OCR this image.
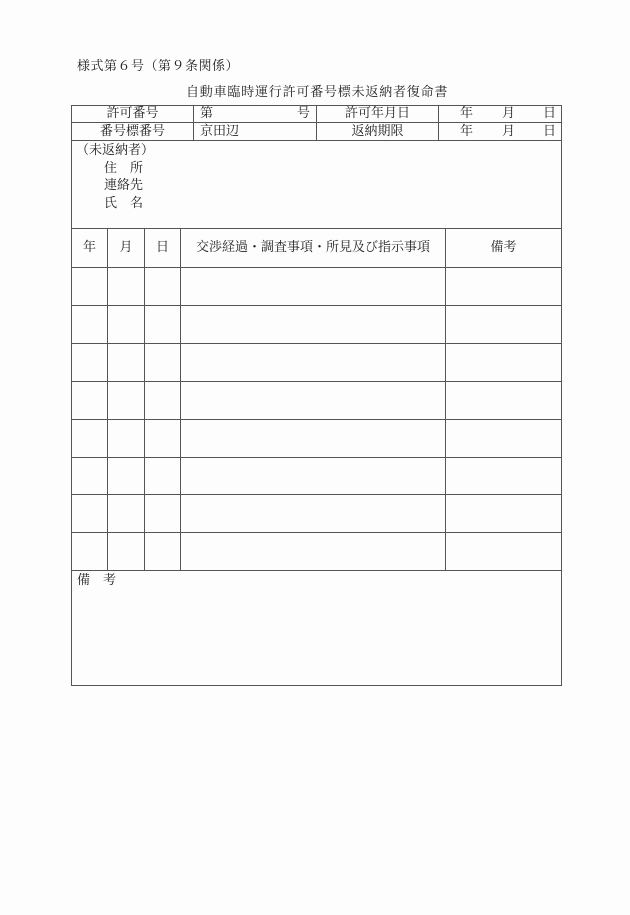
様式第６号（第９条関係）
自動車臨時運行許可番号標未返納者復命書
許可番号	第	号	許可年月日	年 月 日
番号標番号	京田辺	返納期限	年 月 日
（未返納者）
住　所
連絡先
氏　名
年	月	日	交渉経過・調査事項・所見及び指示事項	備考
備　考
